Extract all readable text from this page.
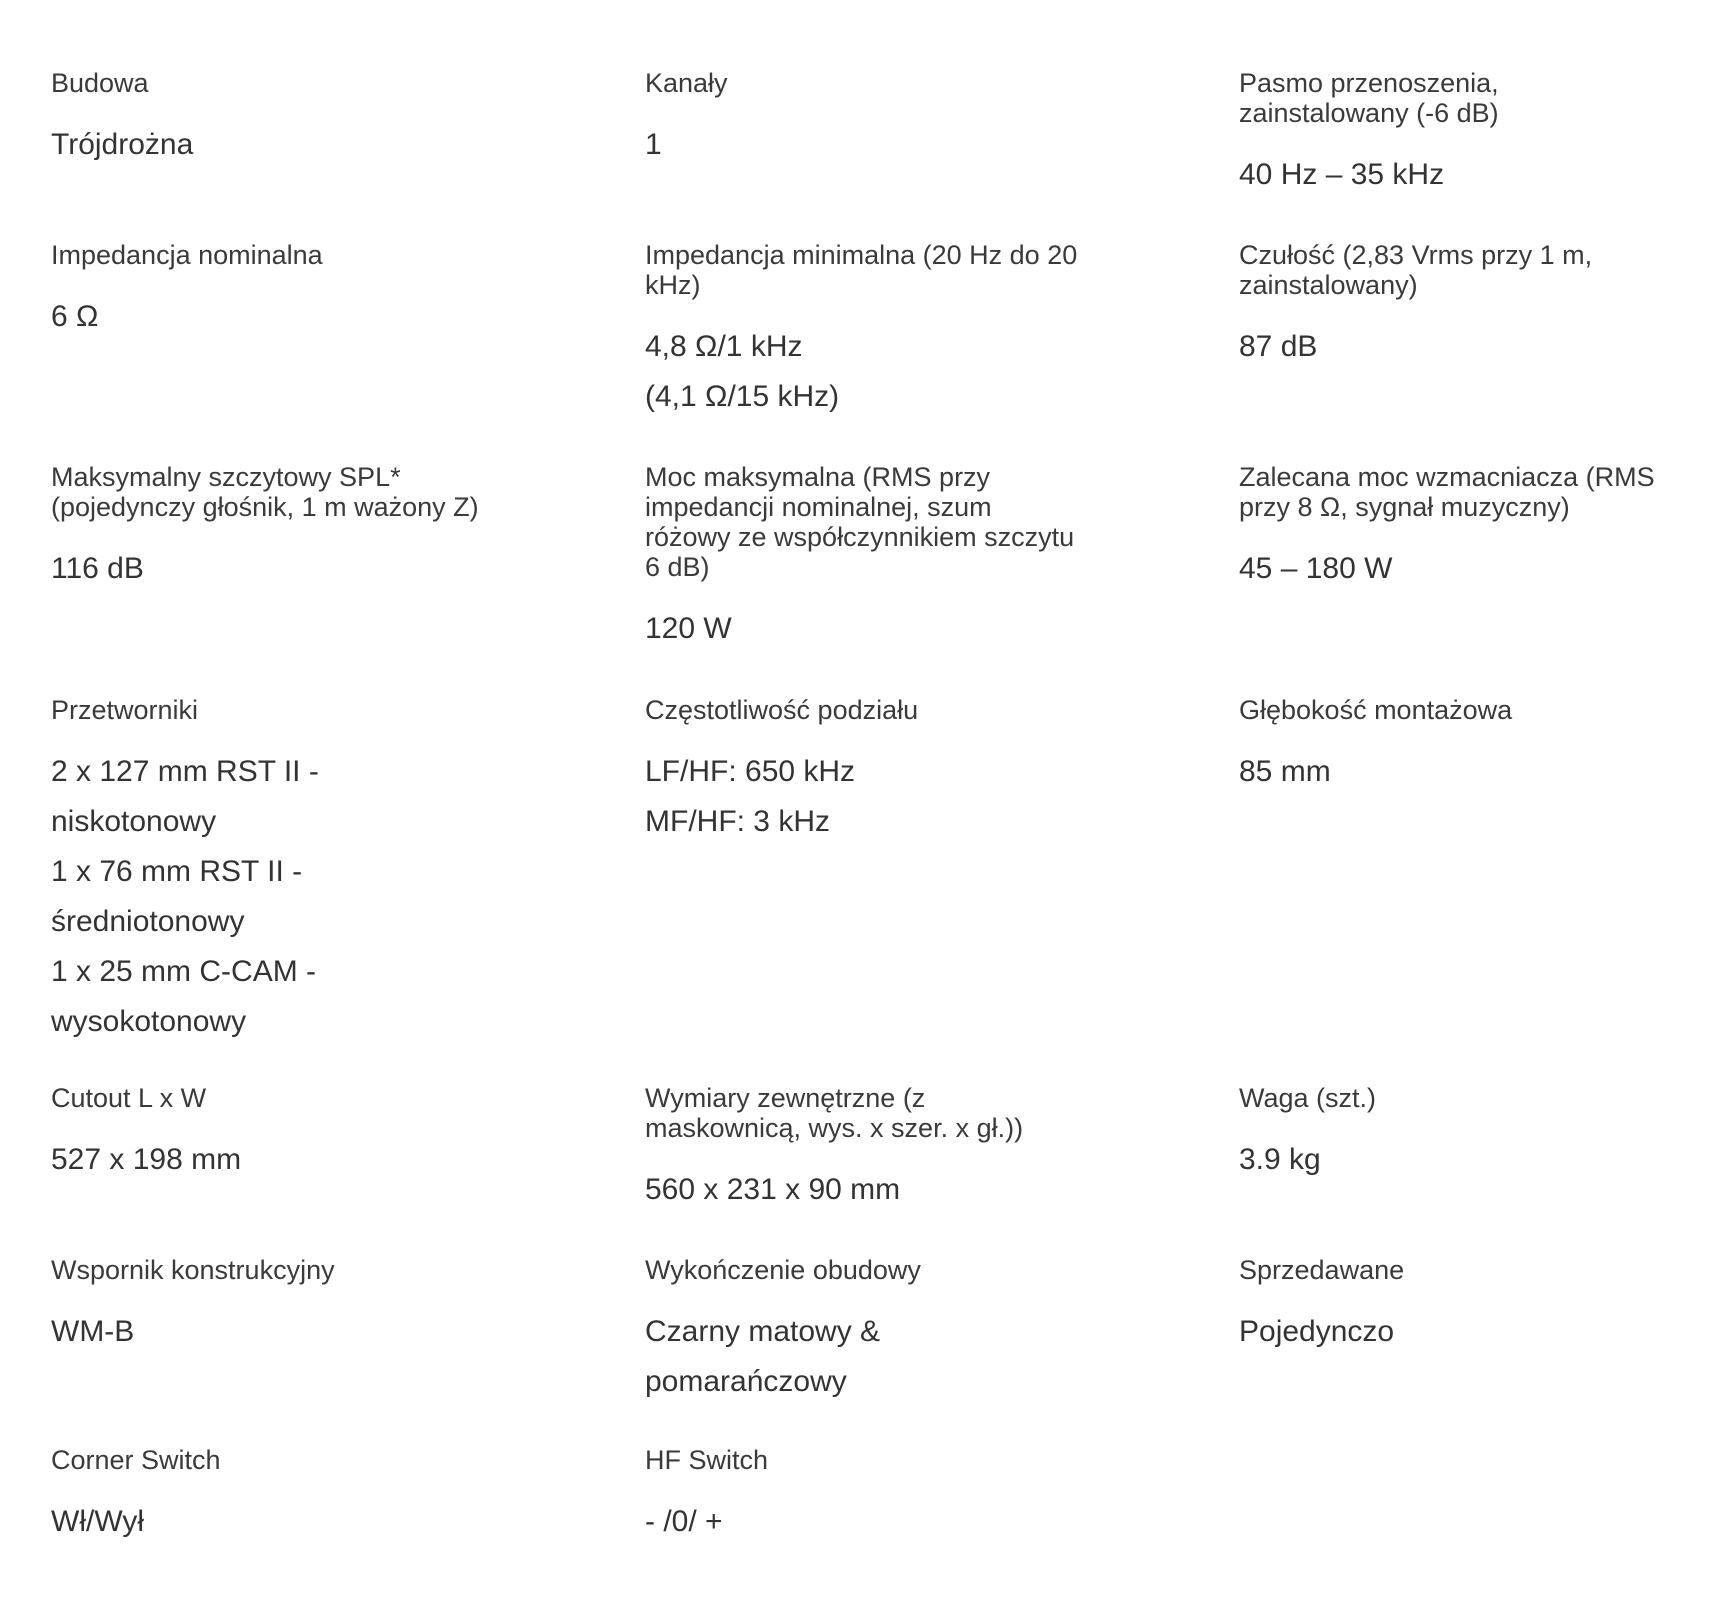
Budowa
Trójdrożna
Kanały
1
Pasmo przenoszenia,
zainstalowany (-6 dB)
40 Hz – 35 kHz
Impedancja nominalna
6 Ω
Impedancja minimalna (20 Hz do 20
kHz)
4,8 Ω/1 kHz
(4,1 Ω/15 kHz)
Czułość (2,83 Vrms przy 1 m,
zainstalowany)
87 dB
Maksymalny szczytowy SPL*
(pojedynczy głośnik, 1 m ważony Z)
116 dB
Moc maksymalna (RMS przy
impedancji nominalnej, szum
różowy ze współczynnikiem szczytu
6 dB)
120 W
Zalecana moc wzmacniacza (RMS
przy 8 Ω, sygnał muzyczny)
45 – 180 W
Przetworniki
2 x 127 mm RST II -
niskotonowy
1 x 76 mm RST II -
średniotonowy
1 x 25 mm C-CAM -
wysokotonowy
Częstotliwość podziału
LF/HF: 650 kHz
MF/HF: 3 kHz
Głębokość montażowa
85 mm
Cutout L x W
527 x 198 mm
Wymiary zewnętrzne (z
maskownicą, wys. x szer. x gł.))
560 x 231 x 90 mm
Waga (szt.)
3.9 kg
Wspornik konstrukcyjny
WM-B
Wykończenie obudowy
Czarny matowy &
pomarańczowy
Sprzedawane
Pojedynczo
Corner Switch
Wł/Wył
HF Switch
- /0/ +
